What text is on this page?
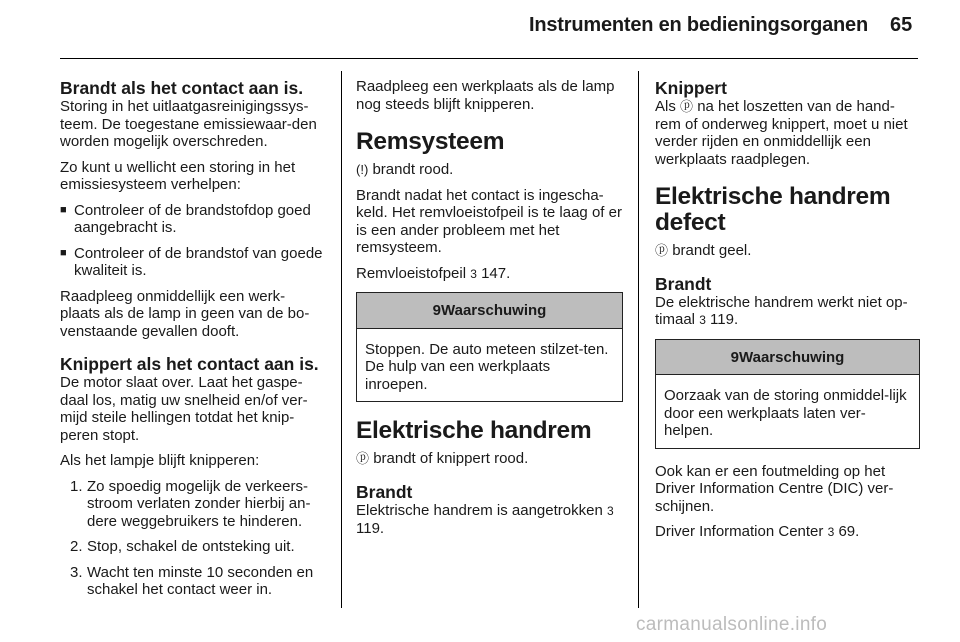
Instrumenten en bedieningsorganen 65
Brandt als het contact aan is.

Storing in het uitlaatgasreinigingssys-teem. De toegestane emissiewaar-den worden mogelijk overschreden.

Zo kunt u wellicht een storing in het emissiesysteem verhelpen:

■ Controleer of de brandstofdop goed aangebracht is.
■ Controleer of de brandstof van goede kwaliteit is.

Raadpleeg onmiddellijk een werk-plaats als de lamp in geen van de bo-venstaande gevallen dooft.

Knippert als het contact aan is.

De motor slaat over. Laat het gaspe-daal los, matig uw snelheid en/of ver-mijd steile hellingen totdat het knip-peren stopt.

Als het lampje blijft knipperen:

1. Zo spoedig mogelijk de verkeers-stroom verlaten zonder hierbij an-dere weggebruikers te hinderen.
2. Stop, schakel de ontsteking uit.
3. Wacht ten minste 10 seconden en schakel het contact weer in.

Raadpleeg een werkplaats als de lamp nog steeds blijft knipperen.

Remsysteem

(!) brandt rood.

Brandt nadat het contact is ingescha-keld. Het remvloeistofpeil is te laag of er is een ander probleem met het remsysteem.

Remvloeistofpeil 3 147.

9Waarschuwing
Stoppen. De auto meteen stilzet-ten. De hulp van een werkplaats inroepen.
Elektrische handrem

ⓟ brandt of knippert rood.

Brandt

Elektrische handrem is aangetrokken 3 119.

Knippert

Als ⓟ na het loszetten van de hand-rem of onderweg knippert, moet u niet verder rijden en onmiddellijk een werkplaats raadplegen.

Elektrische handrem defect

ⓟ brandt geel.

Brandt

De elektrische handrem werkt niet op-timaal 3 119.

9Waarschuwing
Oorzaak van de storing onmiddel-lijk door een werkplaats laten ver-helpen.

Ook kan er een foutmelding op het Driver Information Centre (DIC) ver-schijnen.

Driver Information Center 3 69.

carmanualsonline.info
